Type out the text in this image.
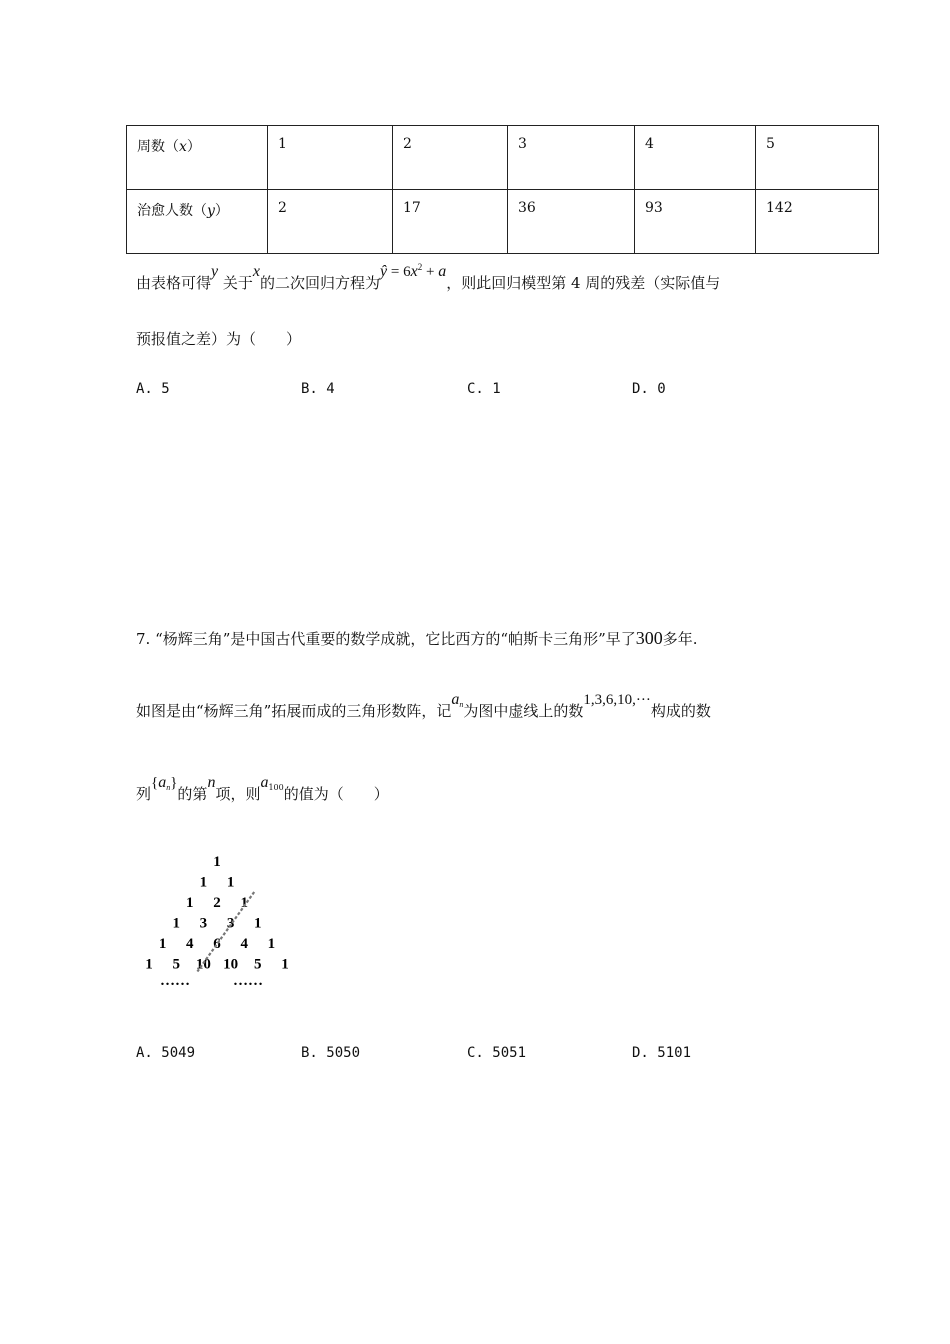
周数（x）	1	2	3	4	5
治愈人数（y）	2	17	36	93	142
由表格可得y 关于x的二次回归方程为ŷ = $6x^2 + a$，则此回归模型第 4 周的残差（实际值与
预报值之差）为（　　）
A. 5	B. 4	C. 1	D. 0
7. “杨辉三角”是中国古代重要的数学成就，它比西方的“帕斯卡三角形”早了300多年.
如图是由“杨辉三角”拓展而成的三角形数阵，记$a_n$为图中虚线上的数1,3,6,10,···构成的数
列$\{a_n\}$的第n项，则$a_{100}$的值为（　　）
1
1 1
1 2 1
1 3 3 1
1 4 6 4 1
1 5 10 10 5 1
……	……
A. 5049	B. 5050	C. 5051	D. 5101
